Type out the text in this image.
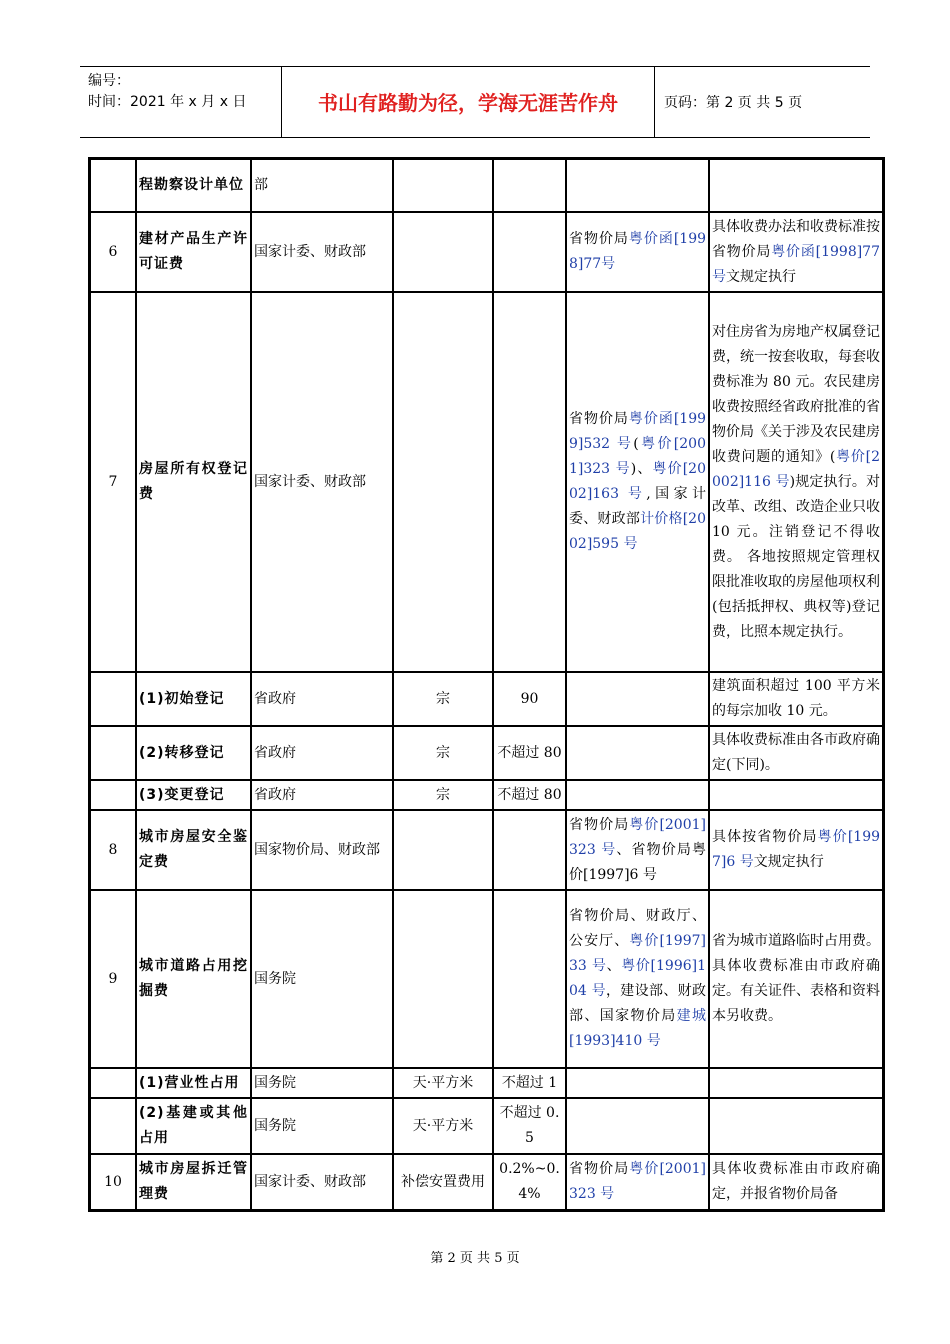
编号：
时间：2021 年 x 月 x 日	书山有路勤为径，学海无涯苦作舟	页码：第 2 页 共 5 页
	程勘察设计单位	部				
6	建材产品生产许可证费	国家计委、财政部			省物价局粤价函[1998]77号	具体收费办法和收费标准按省物价局粤价函[1998]77号文规定执行
7	房屋所有权登记费	国家计委、财政部			省物价局粤价函[1999]532 号(粤价[2001]323 号)、粤价[2002]163 号,国家计委、财政部计价格[2002]595 号	对住房省为房地产权属登记费，统一按套收取，每套收费标准为 80 元。农民建房收费按照经省政府批准的省物价局《关于涉及农民建房收费问题的通知》(粤价[2002]116 号)规定执行。对改革、改组、改造企业只收 10 元。注销登记不得收费。 各地按照规定管理权限批准收取的房屋他项权利(包括抵押权、典权等)登记费，比照本规定执行。
	(1)初始登记	省政府	宗	90		建筑面积超过 100 平方米的每宗加收 10 元。
	(2)转移登记	省政府	宗	不超过 80		具体收费标准由各市政府确定(下同)。
	(3)变更登记	省政府	宗	不超过 80		
8	城市房屋安全鉴定费	国家物价局、财政部			省物价局粤价[2001]323 号、省物价局粤价[1997]6 号	具体按省物价局粤价[1997]6 号文规定执行
9	城市道路占用挖掘费	国务院			省物价局、财政厅、公安厅、粤价[1997]33 号、粤价[1996]104 号，建设部、财政部、国家物价局建城[1993]410 号	省为城市道路临时占用费。具体收费标准由市政府确定。有关证件、表格和资料本另收费。
	(1)营业性占用	国务院	天·平方米	不超过 1		
	(2)基建或其他占用	国务院	天·平方米	不超过 0.5		
10	城市房屋拆迁管理费	国家计委、财政部	补偿安置费用	0.2%~0.4%	省物价局粤价[2001]323 号	具体收费标准由市政府确定，并报省物价局备
第 2 页 共 5 页
